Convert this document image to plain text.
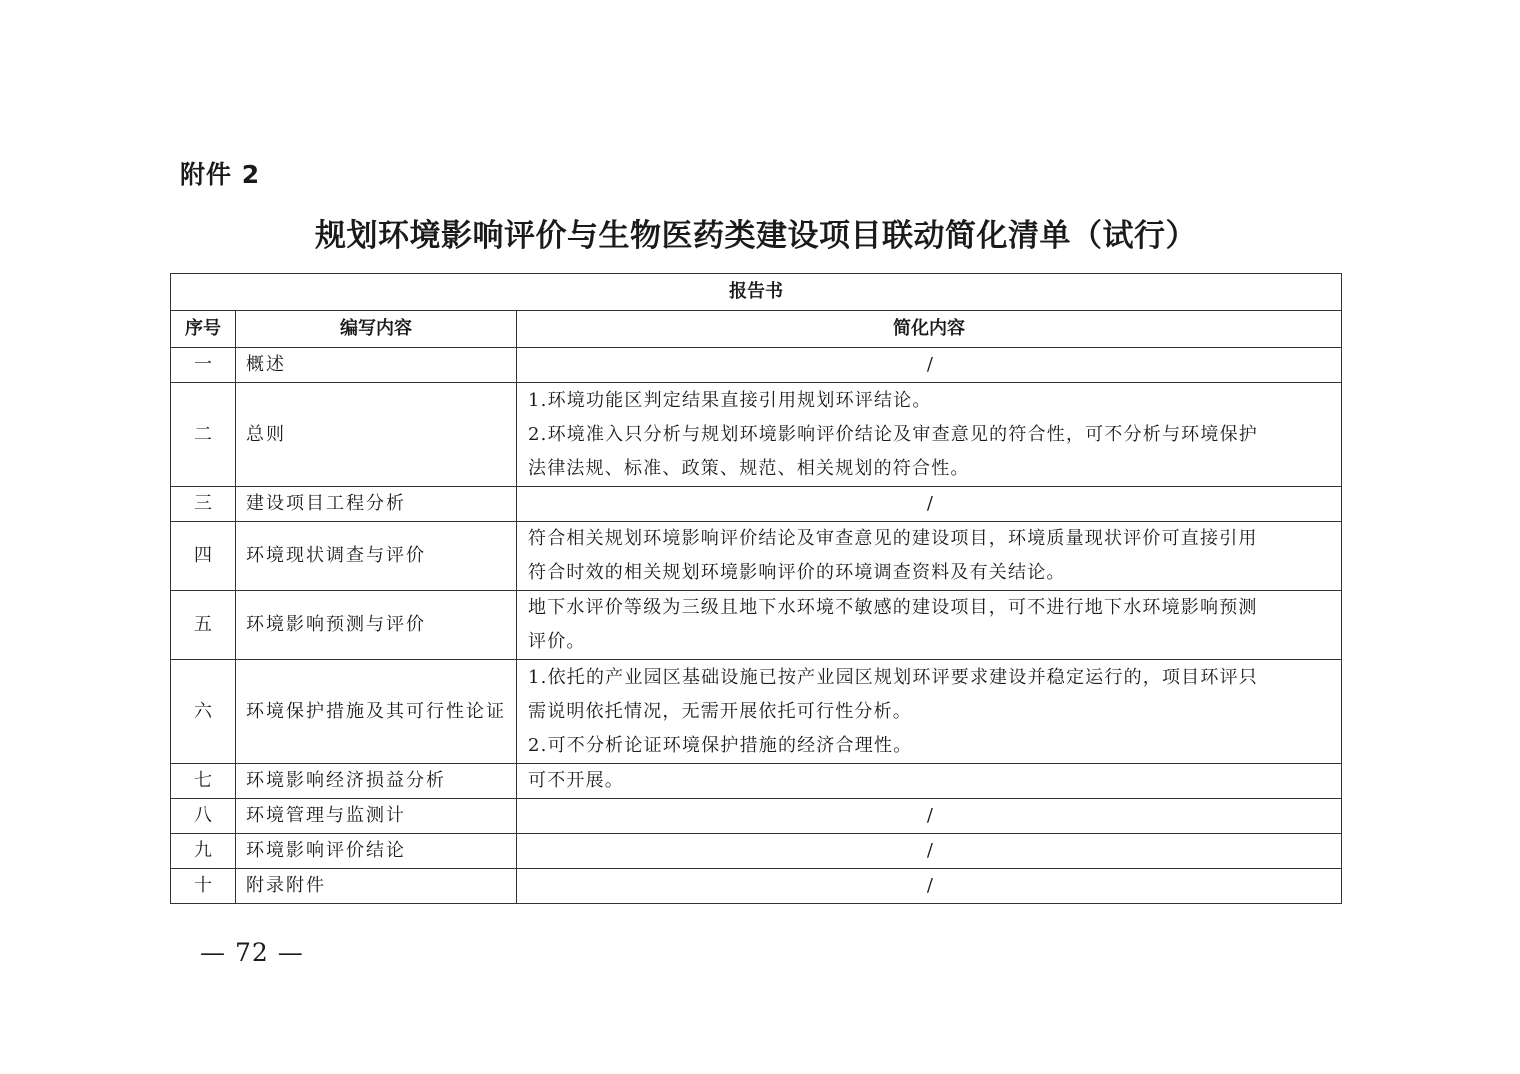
附件 2
规划环境影响评价与生物医药类建设项目联动简化清单（试行）
报告书		
序号	编写内容	简化内容
一	概述	/

二	总则	1.环境功能区判定结果直接引用规划环评结论。
2.环境准入只分析与规划环境影响评价结论及审查意见的符合性，可不分析与环境保护
法律法规、标准、政策、规范、相关规划的符合性。

三	建设项目工程分析	/

四	环境现状调查与评价	符合相关规划环境影响评价结论及审查意见的建设项目，环境质量现状评价可直接引用
符合时效的相关规划环境影响评价的环境调查资料及有关结论。

五	环境影响预测与评价	地下水评价等级为三级且地下水环境不敏感的建设项目，可不进行地下水环境影响预测
评价。

六	环境保护措施及其可行性论证	1.依托的产业园区基础设施已按产业园区规划环评要求建设并稳定运行的，项目环评只
需说明依托情况，无需开展依托可行性分析。
2.可不分析论证环境保护措施的经济合理性。

七	环境影响经济损益分析	可不开展。

八	环境管理与监测计	/

九	环境影响评价结论	/

十	附录附件	/
— 72 —
